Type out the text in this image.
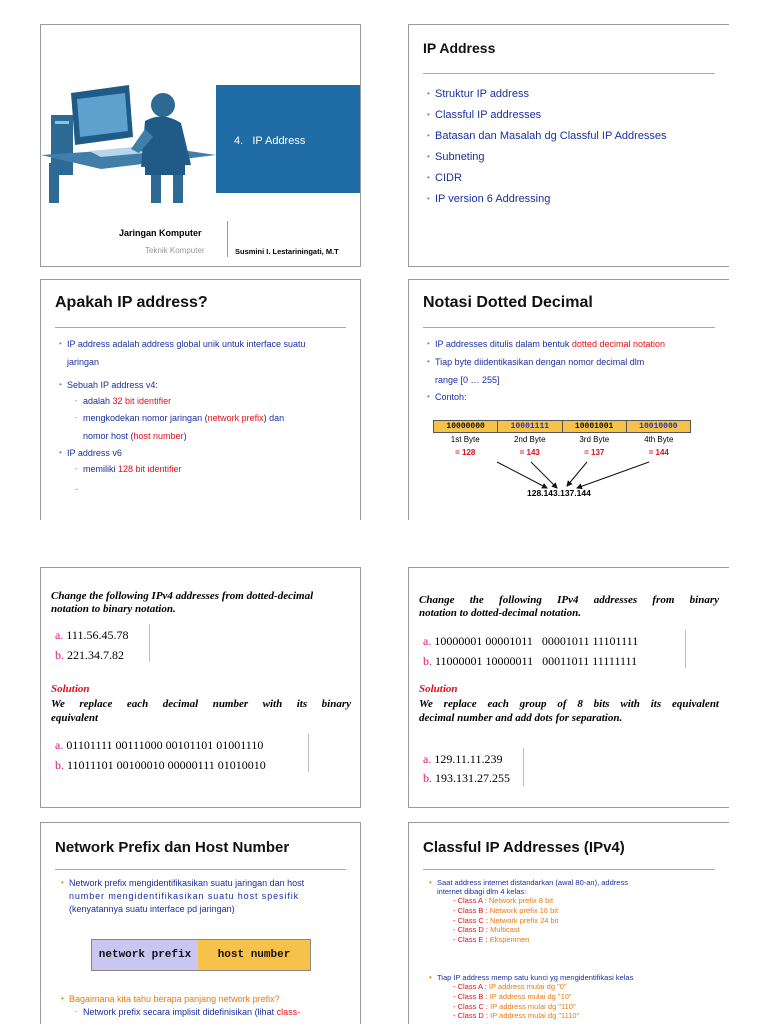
4.   IP Address
Jaringan Komputer
Teknik Komputer	Susmini I. Lestariningati, M.T
IP Address
• Struktur IP address
• Classful IP addresses
• Batasan dan Masalah dg Classful IP Addresses
• Subneting
• CIDR
• IP version 6 Addressing
Apakah IP address?
• IP address adalah address global unik untuk interface suatu
jaringan
• Sebuah IP address v4:
- adalah 32 bit identifier
- mengkodekan nomor jaringan (network prefix) dan
nomor host (host number)
• IP address v6
- memiliki 128 bit identifier
-
Notasi Dotted Decimal
• IP addresses ditulis dalam bentuk dotted decimal notation
• Tiap byte diidentikasikan dengan nomor decimal dlm
range [0 … 255]
• Contoh:
10000000	10001111	10001001	10010000
1st Byte	2nd Byte	3rd Byte	4th Byte
= 128	= 143	= 137	= 144
128.143.137.144
Change the following IPv4 addresses from dotted-decimal
notation to binary notation.
a. 111.56.45.78
b. 221.34.7.82
Solution
We replace each decimal number with its binary
equivalent
a. 01101111 00111000 00101101 01001110
b. 11011101 00100010 00000111 01010010
Change the following IPv4 addresses from binary
notation to dotted-decimal notation.
a. 10000001 00001011   00001011 11101111
b. 11000001 10000011   00011011 11111111
Solution
We replace each group of 8 bits with its equivalent
decimal number and add dots for separation.
a. 129.11.11.239
b. 193.131.27.255
Network Prefix dan Host Number
• Network prefix mengidentifikasikan suatu jaringan dan host
number mengidentifikasikan suatu host spesifik
(kenyatannya suatu interface pd jaringan)
network prefix	host number
• Bagaimana kita tahu berapa panjang network prefix?
- Network prefix secara implisit didefinisikan (lihat class-
Classful IP Addresses (IPv4)
• Saat address internet distandarkan (awal 80-an), address
internet dibagi dlm 4 kelas:
- Class A : Network prefix 8 bit
- Class B : Network prefix 16 bit
- Class C : Network prefix 24 bit
- Class D : Multicast
- Class E : Eksperimen
• Tiap IP address memp satu kunci yg mengidentifikasi kelas
- Class A : IP address mulai dg "0"
- Class B : IP address mulai dg "10"
- Class C : IP address mulai dg "110"
- Class D : IP address mulai dg "1110"
